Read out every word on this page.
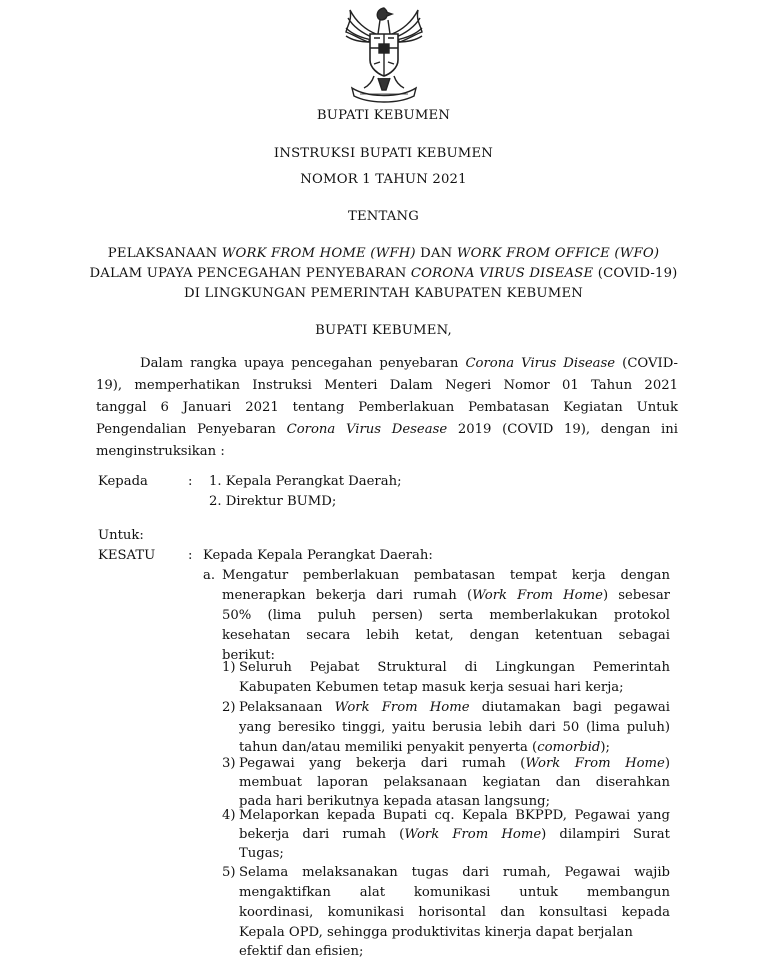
BUPATI KEBUMEN
INSTRUKSI BUPATI KEBUMEN
NOMOR 1 TAHUN 2021
TENTANG
PELAKSANAAN WORK FROM HOME (WFH) DAN WORK FROM OFFICE (WFO)
DALAM UPAYA PENCEGAHAN PENYEBARAN CORONA VIRUS DISEASE (COVID-19)
DI LINGKUNGAN PEMERINTAH KABUPATEN KEBUMEN
BUPATI KEBUMEN,
Dalam rangka upaya pencegahan penyebaran Corona Virus Disease (COVID-
19), memperhatikan Instruksi Menteri Dalam Negeri Nomor 01 Tahun 2021
tanggal 6 Januari 2021 tentang Pemberlakuan Pembatasan Kegiatan Untuk
Pengendalian Penyebaran Corona Virus Desease 2019 (COVID 19), dengan ini
menginstruksikan :
Kepada	: 1. Kepala Perangkat Daerah;
2. Direktur BUMD;
Untuk:
KESATU : Kepada Kepala Perangkat Daerah:
a. Mengatur pemberlakuan pembatasan tempat kerja dengan
menerapkan bekerja dari rumah (Work From Home) sebesar
50% (lima puluh persen) serta memberlakukan protokol
kesehatan secara lebih ketat, dengan ketentuan sebagai
berikut:
1) Seluruh Pejabat Struktural di Lingkungan Pemerintah
Kabupaten Kebumen tetap masuk kerja sesuai hari kerja;
2) Pelaksanaan Work From Home diutamakan bagi pegawai
yang beresiko tinggi, yaitu berusia lebih dari 50 (lima puluh)
tahun dan/atau memiliki penyakit penyerta (comorbid);
3) Pegawai yang bekerja dari rumah (Work From Home)
membuat laporan pelaksanaan kegiatan dan diserahkan
pada hari berikutnya kepada atasan langsung;
4) Melaporkan kepada Bupati cq. Kepala BKPPD, Pegawai yang
bekerja dari rumah (Work From Home) dilampiri Surat
Tugas;
5) Selama melaksanakan tugas dari rumah, Pegawai wajib
mengaktifkan alat komunikasi untuk membangun
koordinasi, komunikasi horisontal dan konsultasi kepada
Kepala OPD, sehingga produktivitas kinerja dapat berjalan
efektif dan efisien;
